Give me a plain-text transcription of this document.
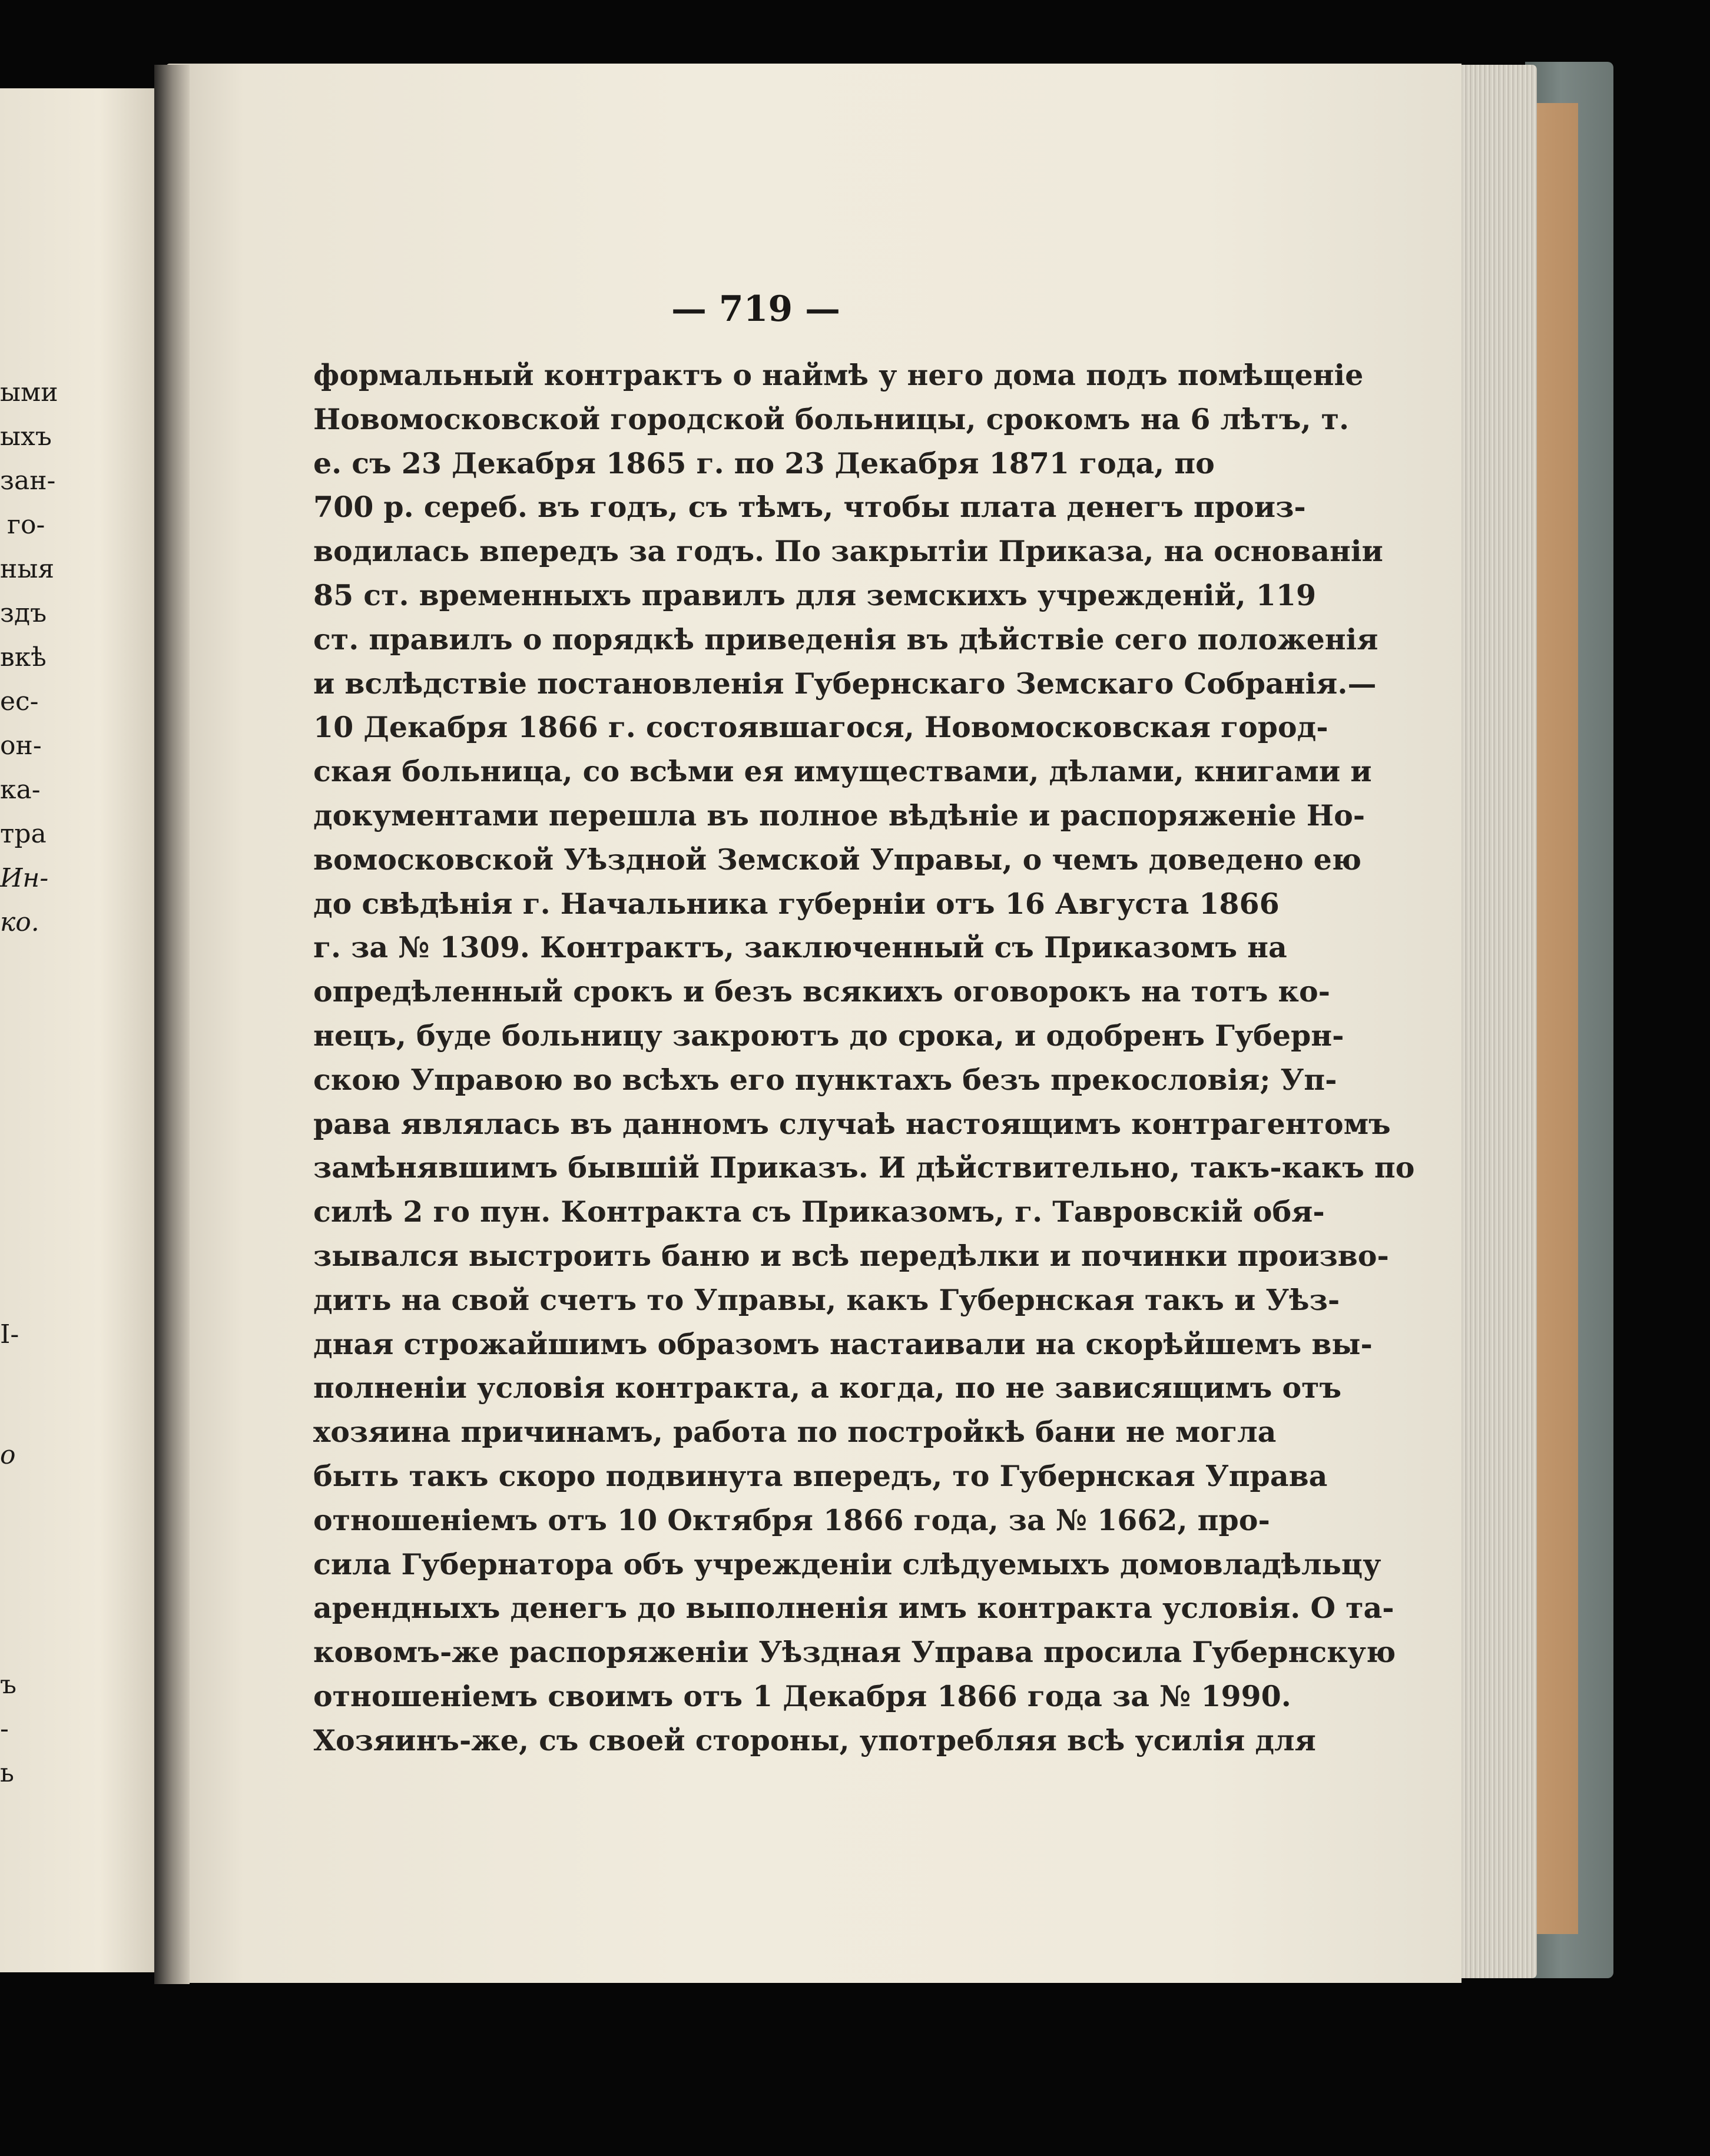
ыми
ыхъ
зан-
го-
ныя
здъ
вкѣ
ес-
он-
ка-
тра
Ин-
ко.
І-
о
ъ
-
ь
— 719 —
формальный контрактъ о наймѣ у него дома подъ помѣщеніе
Новомосковской городской больницы, срокомъ на 6 лѣтъ, т.
е. съ 23 Декабря 1865 г. по 23 Декабря 1871 года, по
700 р. сереб. въ годъ, съ тѣмъ, чтобы плата денегъ произ-
водилась впередъ за годъ. По закрытіи Приказа, на основаніи
85 ст. временныхъ правилъ для земскихъ учрежденій, 119
ст. правилъ о порядкѣ приведенія въ дѣйствіе сего положенія
и вслѣдствіе постановленія Губернскаго Земскаго Собранія.—
10 Декабря 1866 г. состоявшагося, Новомосковская город-
ская больница, со всѣми ея имуществами, дѣлами, книгами и
документами перешла въ полное вѣдѣніе и распоряженіе Но-
вомосковской Уѣздной Земской Управы, о чемъ доведено ею
до свѣдѣнія г. Начальника губерніи отъ 16 Августа 1866
г. за № 1309. Контрактъ, заключенный съ Приказомъ на
опредѣленный срокъ и безъ всякихъ оговорокъ на тотъ ко-
нецъ, буде больницу закроютъ до срока, и одобренъ Губерн-
скою Управою во всѣхъ его пунктахъ безъ прекословія; Уп-
рава являлась въ данномъ случаѣ настоящимъ контрагентомъ
замѣнявшимъ бывшій Приказъ. И дѣйствительно, такъ-какъ по
силѣ 2 го пун. Контракта съ Приказомъ, г. Тавровскій обя-
зывался выстроить баню и всѣ передѣлки и починки произво-
дить на свой счетъ то Управы, какъ Губернская такъ и Уѣз-
дная строжайшимъ образомъ настаивали на скорѣйшемъ вы-
полненіи условія контракта, а когда, по не зависящимъ отъ
хозяина причинамъ, работа по постройкѣ бани не могла
быть такъ скоро подвинута впередъ, то Губернская Управа
отношеніемъ отъ 10 Октября 1866 года, за № 1662, про-
сила Губернатора объ учрежденіи слѣдуемыхъ домовладѣльцу
арендныхъ денегъ до выполненія имъ контракта условія. О та-
ковомъ-же распоряженіи Уѣздная Управа просила Губернскую
отношеніемъ своимъ отъ 1 Декабря 1866 года за № 1990.
Хозяинъ-же, съ своей стороны, употребляя всѣ усилія для
